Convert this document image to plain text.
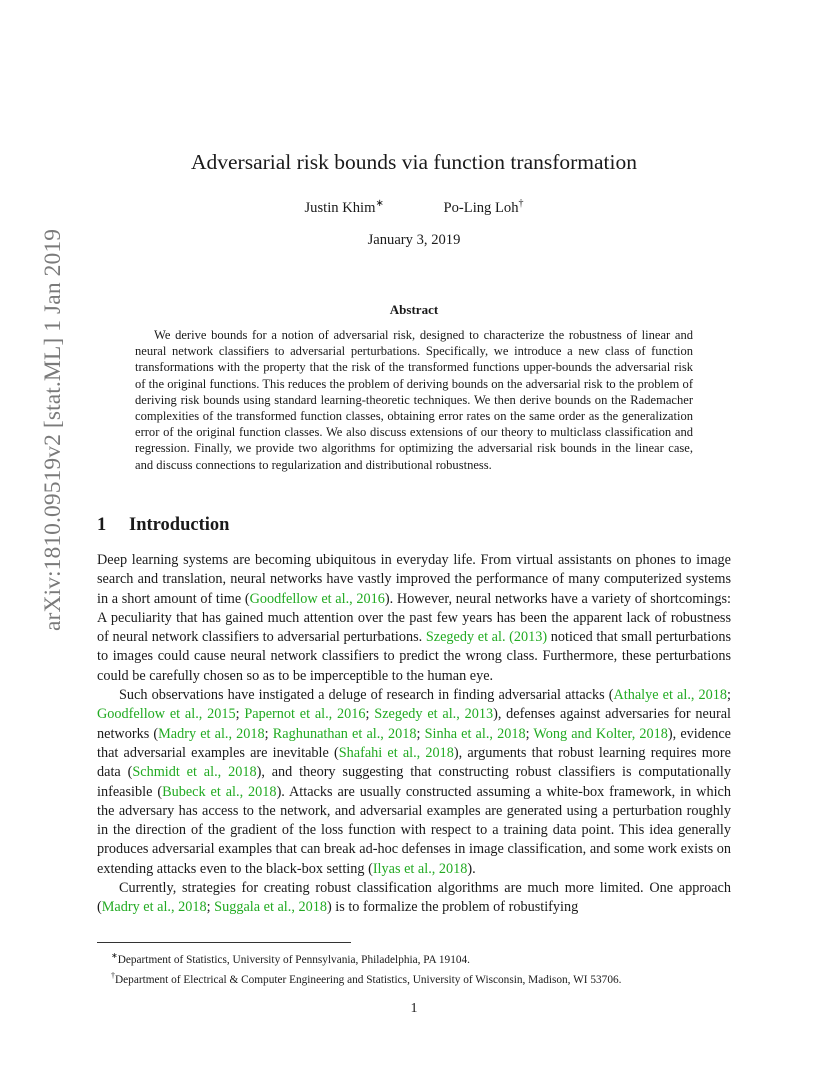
arXiv:1810.09519v2 [stat.ML] 1 Jan 2019
Adversarial risk bounds via function transformation
Justin Khim∗	Po-Ling Loh†
January 3, 2019
Abstract
We derive bounds for a notion of adversarial risk, designed to characterize the robustness of linear and neural network classifiers to adversarial perturbations. Specifically, we introduce a new class of function transformations with the property that the risk of the transformed functions upper-bounds the adversarial risk of the original functions. This reduces the problem of deriving bounds on the adversarial risk to the problem of deriving risk bounds using standard learning-theoretic techniques. We then derive bounds on the Rademacher complexities of the transformed function classes, obtaining error rates on the same order as the generalization error of the original function classes. We also discuss extensions of our theory to multiclass classification and regression. Finally, we provide two algorithms for optimizing the adversarial risk bounds in the linear case, and discuss connections to regularization and distributional robustness.
1 Introduction

Deep learning systems are becoming ubiquitous in everyday life. From virtual assistants on phones to image search and translation, neural networks have vastly improved the performance of many computerized systems in a short amount of time (Goodfellow et al., 2016). However, neural networks have a variety of shortcomings: A peculiarity that has gained much attention over the past few years has been the apparent lack of robustness of neural network classifiers to adversarial perturbations. Szegedy et al. (2013) noticed that small perturbations to images could cause neural network classifiers to predict the wrong class. Furthermore, these perturbations could be carefully chosen so as to be imperceptible to the human eye.

Such observations have instigated a deluge of research in finding adversarial attacks (Athalye et al., 2018; Goodfellow et al., 2015; Papernot et al., 2016; Szegedy et al., 2013), defenses against adversaries for neural networks (Madry et al., 2018; Raghunathan et al., 2018; Sinha et al., 2018; Wong and Kolter, 2018), evidence that adversarial examples are inevitable (Shafahi et al., 2018), arguments that robust learning requires more data (Schmidt et al., 2018), and theory suggesting that constructing robust classifiers is computationally infeasible (Bubeck et al., 2018). Attacks are usually constructed assuming a white-box framework, in which the adversary has access to the network, and adversarial examples are generated using a perturbation roughly in the direction of the gradient of the loss function with respect to a training data point. This idea generally produces adversarial examples that can break ad-hoc defenses in image classification, and some work exists on extending attacks even to the black-box setting (Ilyas et al., 2018).

Currently, strategies for creating robust classification algorithms are much more limited. One approach (Madry et al., 2018; Suggala et al., 2018) is to formalize the problem of robustifying

∗Department of Statistics, University of Pennsylvania, Philadelphia, PA 19104.

†Department of Electrical & Computer Engineering and Statistics, University of Wisconsin, Madison, WI 53706.

1
